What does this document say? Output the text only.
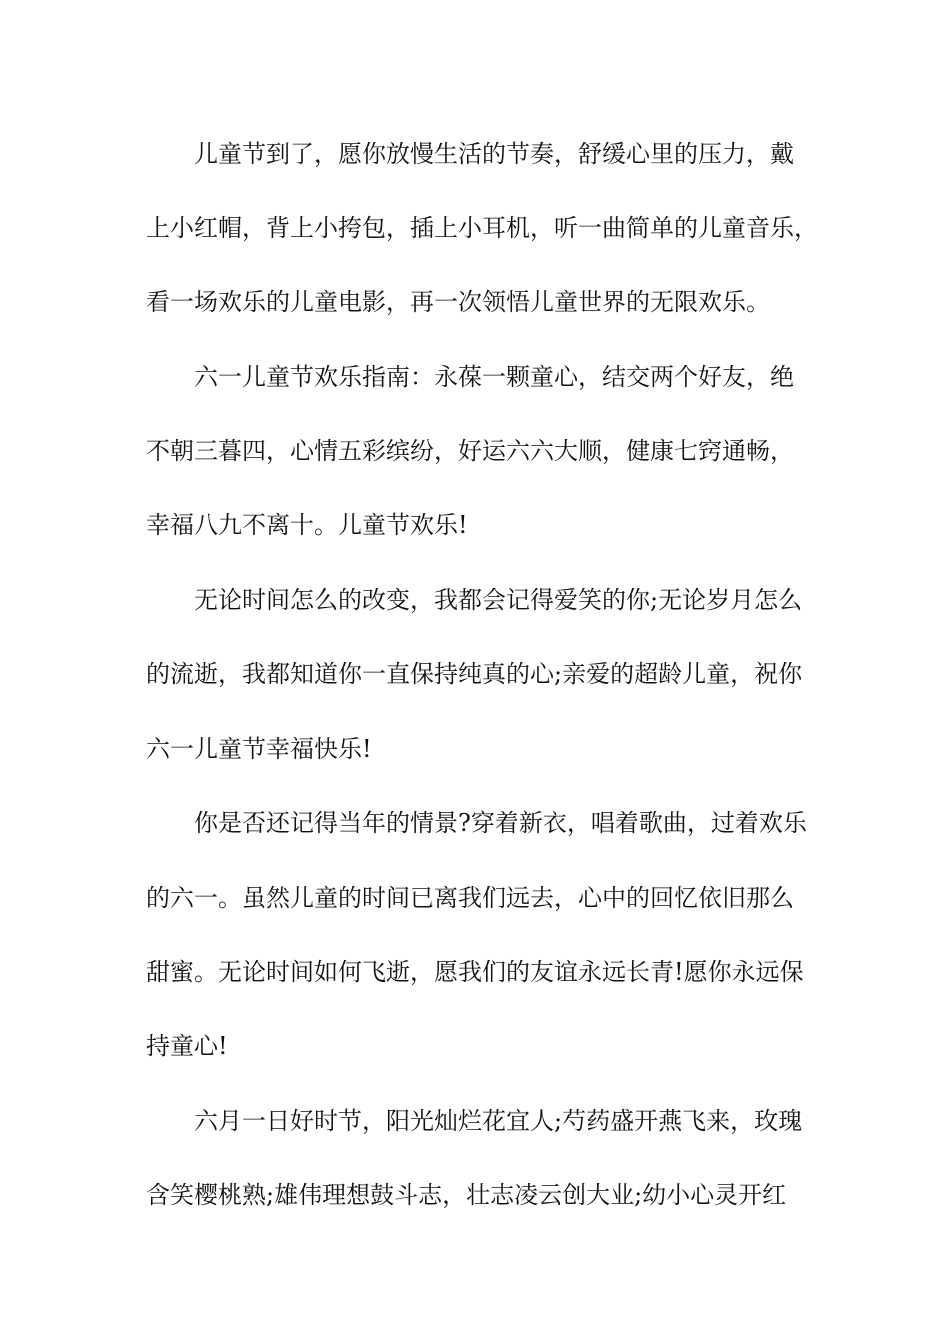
儿童节到了，愿你放慢生活的节奏，舒缓心里的压力，戴
上小红帽，背上小挎包，插上小耳机，听一曲简单的儿童音乐，
看一场欢乐的儿童电影，再一次领悟儿童世界的无限欢乐。
六一儿童节欢乐指南：永葆一颗童心，结交两个好友，绝
不朝三暮四，心情五彩缤纷，好运六六大顺，健康七窍通畅，
幸福八九不离十。儿童节欢乐!
无论时间怎么的改变，我都会记得爱笑的你;无论岁月怎么
的流逝，我都知道你一直保持纯真的心;亲爱的超龄儿童，祝你
六一儿童节幸福快乐!
你是否还记得当年的情景?穿着新衣，唱着歌曲，过着欢乐
的六一。虽然儿童的时间已离我们远去，心中的回忆依旧那么
甜蜜。无论时间如何飞逝，愿我们的友谊永远长青!愿你永远保
持童心!
六月一日好时节，阳光灿烂花宜人;芍药盛开燕飞来，玫瑰
含笑樱桃熟;雄伟理想鼓斗志，壮志凌云创大业;幼小心灵开红
